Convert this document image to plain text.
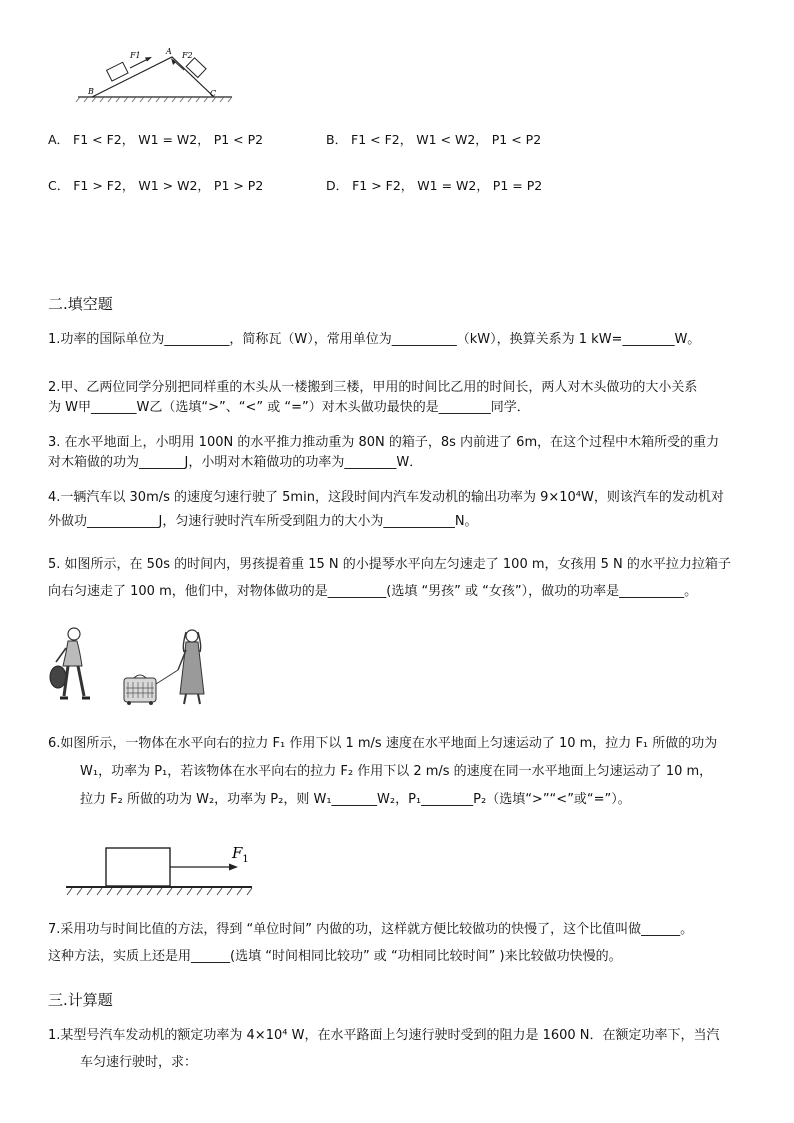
F1	A F2
B	C
A． F1 < F2， W1 = W2， P1 < P2	B． F1 < F2， W1 < W2， P1 < P2
C． F1 > F2， W1 > W2， P1 > P2	D． F1 > F2， W1 = W2， P1 = P2
二.填空题
1.功率的国际单位为__________，简称瓦（W），常用单位为__________（kW），换算关系为 1 kW=________W。
2.甲、乙两位同学分别把同样重的木头从一楼搬到三楼，甲用的时间比乙用的时间长，两人对木头做功的大小关系
为 W甲_______W乙（选填“>”、“<” 或 “=”）对木头做功最快的是________同学．
3. 在水平地面上，小明用 100N 的水平推力推动重为 80N 的箱子，8s 内前进了 6m，在这个过程中木箱所受的重力
对木箱做的功为_______J，小明对木箱做功的功率为________W．
4.一辆汽车以 30m/s 的速度匀速行驶了 5min，这段时间内汽车发动机的输出功率为 9×10⁴W，则该汽车的发动机对
外做功___________J，匀速行驶时汽车所受到阻力的大小为___________N。
5. 如图所示，在 50s 的时间内，男孩提着重 15 N 的小提琴水平向左匀速走了 100 m，女孩用 5 N 的水平拉力拉箱子
向右匀速走了 100 m，他们中，对物体做功的是_________(选填 “男孩” 或 “女孩”），做功的功率是__________。
6.如图所示，一物体在水平向右的拉力 F₁ 作用下以 1 m/s 速度在水平地面上匀速运动了 10 m，拉力 F₁ 所做的功为
W₁，功率为 P₁，若该物体在水平向右的拉力 F₂ 作用下以 2 m/s 的速度在同一水平地面上匀速运动了 10 m，
拉力 F₂ 所做的功为 W₂，功率为 P₂，则 W₁_______W₂，P₁________P₂（选填“>”“<”或“=”）。
$F_1$
7.采用功与时间比值的方法，得到 “单位时间” 内做的功，这样就方便比较做功的快慢了，这个比值叫做______。
这种方法，实质上还是用______(选填 “时间相同比较功” 或 “功相同比较时间” )来比较做功快慢的。
三.计算题
1.某型号汽车发动机的额定功率为 4×10⁴ W，在水平路面上匀速行驶时受到的阻力是 1600 N．在额定功率下，当汽
车匀速行驶时，求：
